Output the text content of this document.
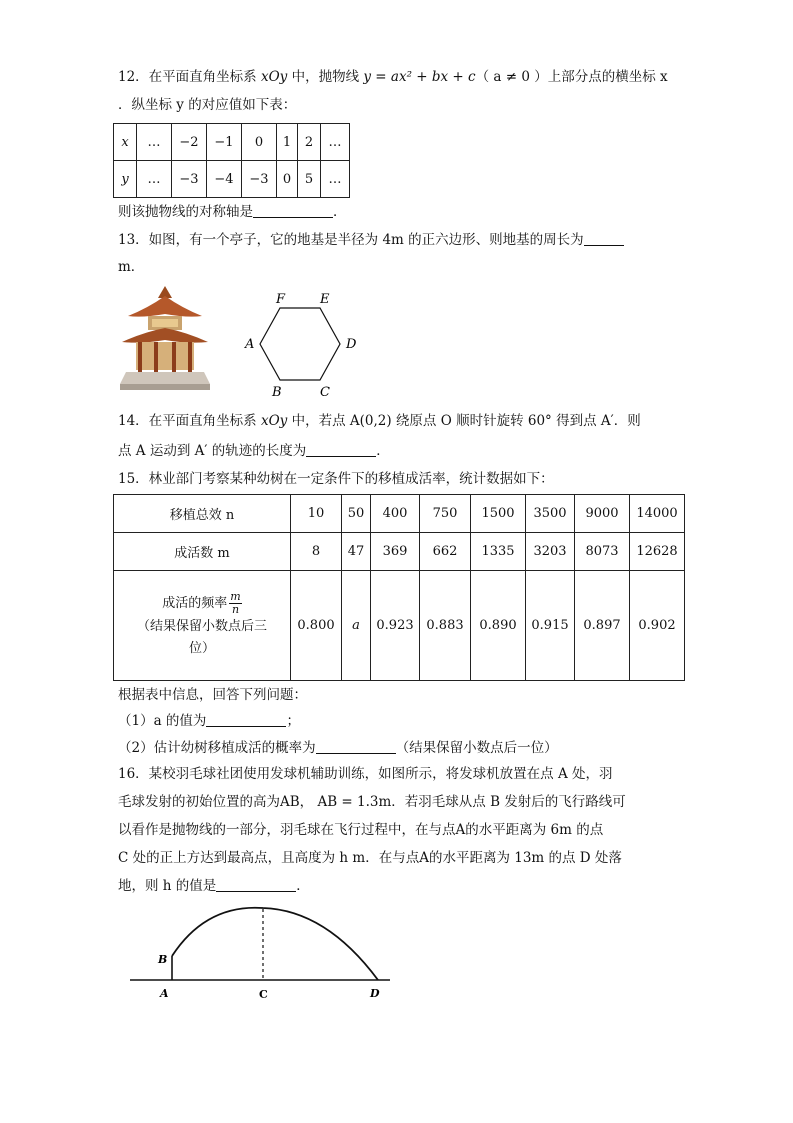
12．在平面直角坐标系 xOy 中，抛物线 y = ax² + bx + c（ a ≠ 0 ）上部分点的横坐标 x
．纵坐标 y 的对应值如下表：
x	…	−2	−1	0	1	2	…
y	…	−3	−4	−3	0	5	…
则该抛物线的对称轴是	．
13．如图，有一个亭子，它的地基是半径为 4m 的正六边形、则地基的周长为
m．
F	E
A	D
B	C
14．在平面直角坐标系 xOy 中，若点 A(0,2) 绕原点 O 顺时针旋转 60° 得到点 A′．则
点 A 运动到 A′ 的轨迹的长度为	．
15．林业部门考察某种幼树在一定条件下的移植成活率，统计数据如下：
移植总效 n	10	50	400	750	1500	3500	9000	14000
成活数 m	8	47	369	662	1335	3203	8073	12628
成活的频率 $\frac{m}{n}$

（结果保留小数点后三
位）	0.800	a	0.923	0.883	0.890	0.915	0.897	0.902
根据表中信息，回答下列问题：
（1）a 的值为	；
（2）估计幼树移植成活的概率为	（结果保留小数点后一位）
16．某校羽毛球社团使用发球机辅助训练，如图所示，将发球机放置在点 A 处，羽
毛球发射的初始位置的高为AB， AB = 1.3m．若羽毛球从点 B 发射后的飞行路线可
以看作是抛物线的一部分，羽毛球在飞行过程中，在与点A的水平距离为 6m 的点
C 处的正上方达到最高点，且高度为 h m．在与点A的水平距离为 13m 的点 D 处落
地，则 h 的值是	．
B
A	C	D
